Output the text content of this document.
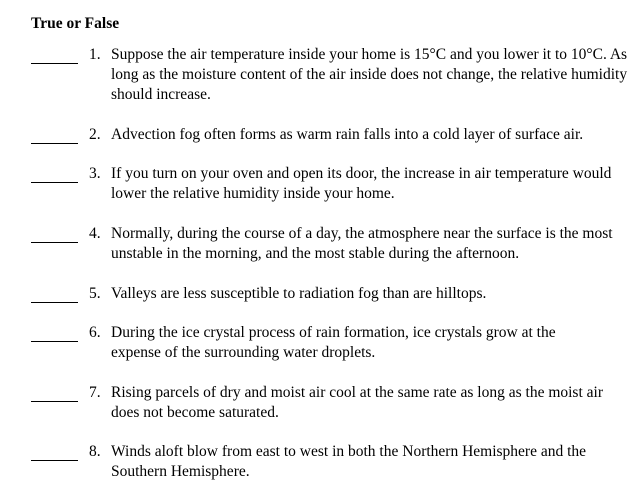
True or False
1. Suppose the air temperature inside your home is 15°C and you lower it to 10°C. As
long as the moisture content of the air inside does not change, the relative humidity
should increase.
2. Advection fog often forms as warm rain falls into a cold layer of surface air.
3. If you turn on your oven and open its door, the increase in air temperature would
lower the relative humidity inside your home.
4. Normally, during the course of a day, the atmosphere near the surface is the most
unstable in the morning, and the most stable during the afternoon.
5. Valleys are less susceptible to radiation fog than are hilltops.
6. During the ice crystal process of rain formation, ice crystals grow at the
expense of the surrounding water droplets.
7. Rising parcels of dry and moist air cool at the same rate as long as the moist air
does not become saturated.
8. Winds aloft blow from east to west in both the Northern Hemisphere and the
Southern Hemisphere.
